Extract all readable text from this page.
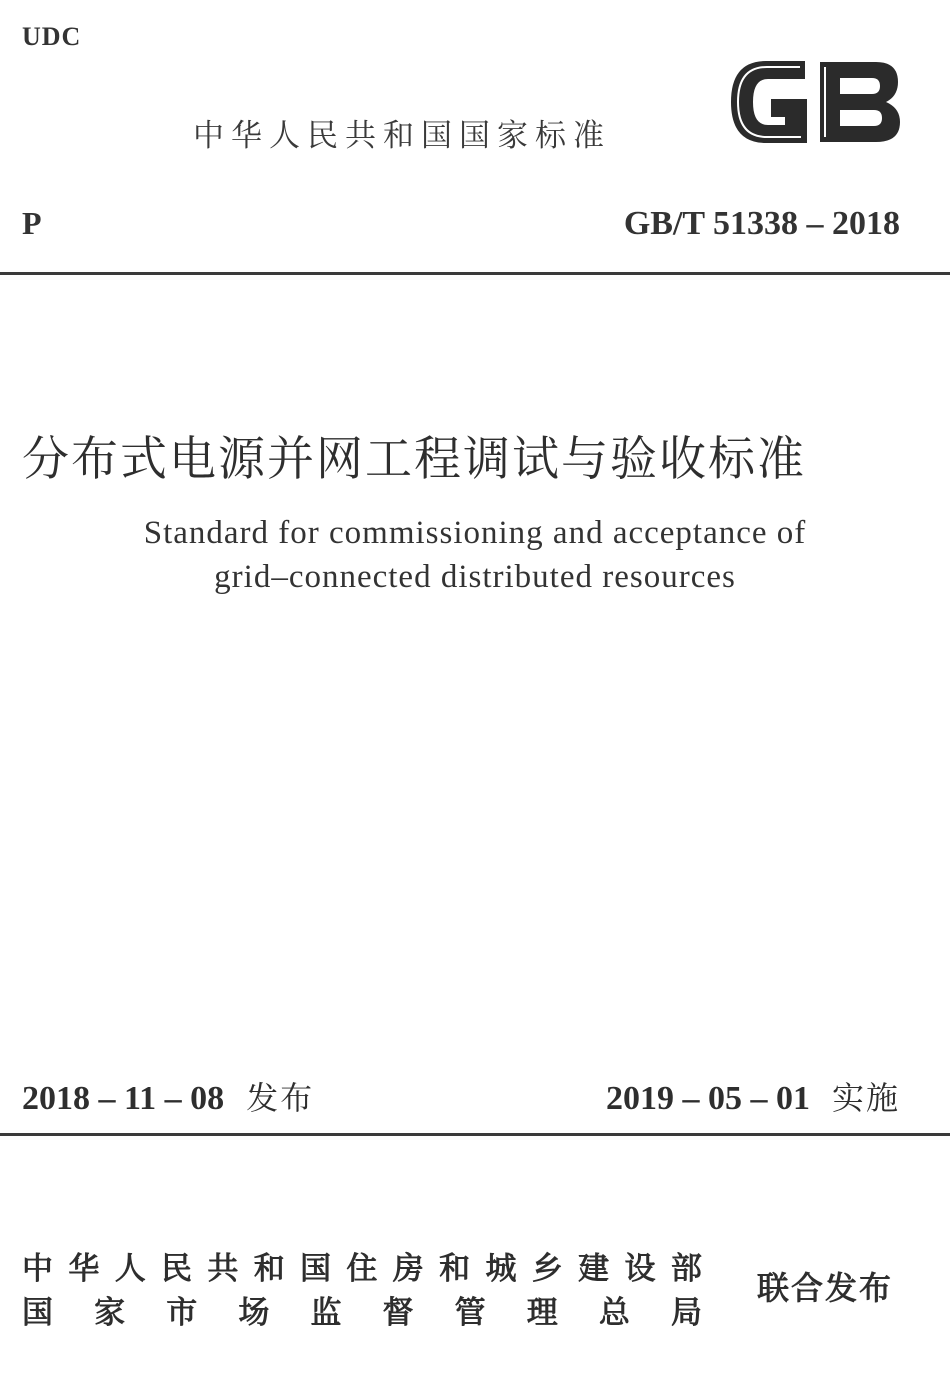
UDC
中华人民共和国国家标准
P	GB/T 51338 – 2018
分布式电源并网工程调试与验收标准
Standard for commissioning and acceptance of
grid–connected distributed resources
2018 – 11 – 08 发布	2019 – 05 – 01 实施
中 华 人 民 共 和 国 住 房 和 城 乡 建 设 部
国 家 市 场 监 督 管 理 总 局
联合发布
